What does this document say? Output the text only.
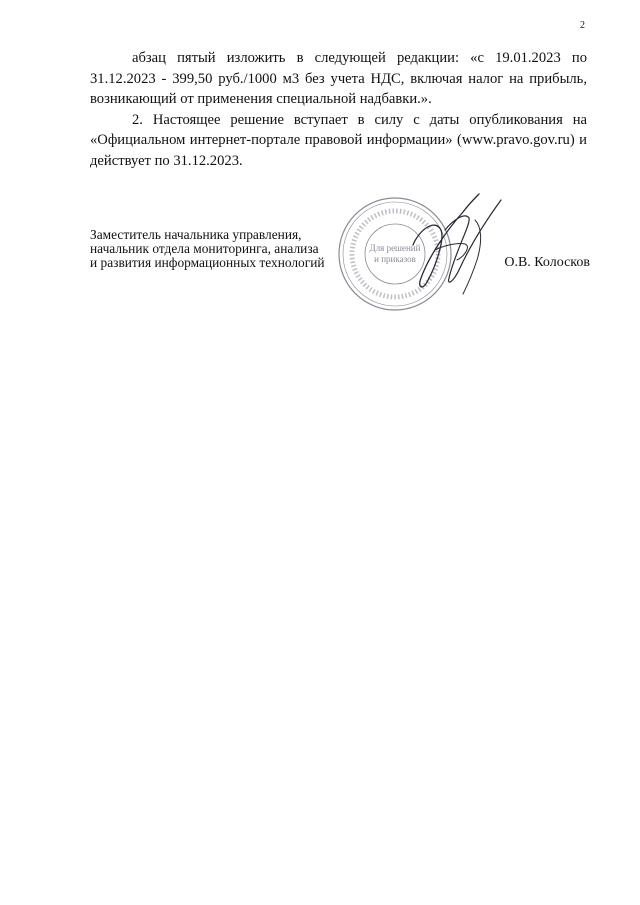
2

абзац пятый изложить в следующей редакции: «с 19.01.2023 по 31.12.2023 - 399,50 руб./1000 м3 без учета НДС, включая налог на прибыль, возникающий от применения специальной надбавки.».

2. Настоящее решение вступает в силу с даты опубликования на «Официальном интернет-портале правовой информации» (www.pravo.gov.ru) и действует по 31.12.2023.

Для решений
и приказов
Заместитель начальника управления,
начальник отдела мониторинга, анализа
и развития информационных технологий	О.В. Колосков
